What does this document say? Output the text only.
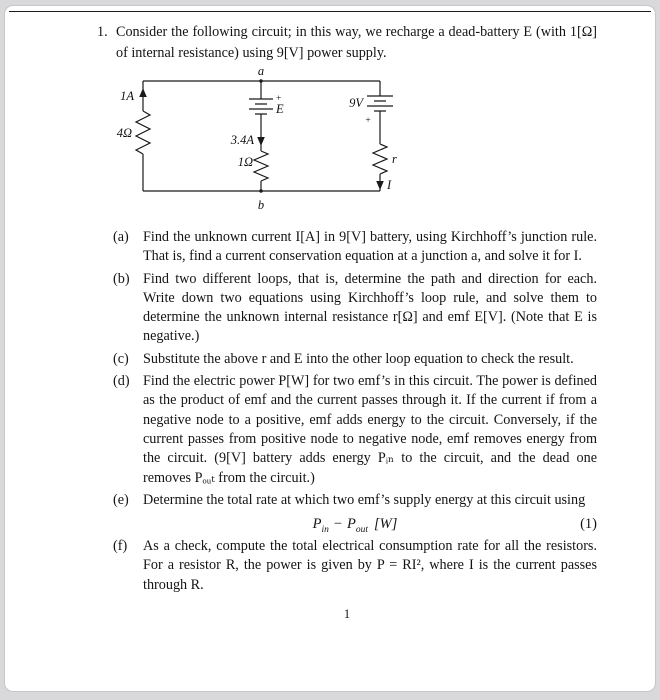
1. Consider the following circuit; in this way, we recharge a dead-battery E (with 1[Ω] of internal resistance) using 9[V] power supply.

a
b
1A
4Ω
+
E
3.4A
1Ω
9V
+
r
I
(a)	Find the unknown current I[A] in 9[V] battery, using Kirchhoff’s junction rule. That is, find a current conservation equation at a junction a, and solve it for I.

(b) Find two different loops, that is, determine the path and direction for each. Write down two equations using Kirchhoff’s loop rule, and solve them to determine the unknown internal resistance r[Ω] and emf E[V]. (Note that E is negative.)

(c)	Substitute the above r and E into the other loop equation to check the result.

(d) Find the electric power P[W] for two emf’s in this circuit. The power is defined as the product of emf and the current passes through it. If the current if from a negative node to a positive, emf adds energy to the circuit. Conversely, if the current passes from positive node to negative node, emf removes energy from the circuit. (9[V] battery adds energy Pᵢₙ to the circuit, and the dead one removes Pₒᵤₜ from the circuit.)

(e)	Determine the total rate at which two emf’s supply energy at this circuit using

$P_{in} - P_{out}$ [W]	(1)
(f)	As a check, compute the total electrical consumption rate for all the resistors. For a resistor R, the power is given by P = RI², where I is the current passes through R.

1
